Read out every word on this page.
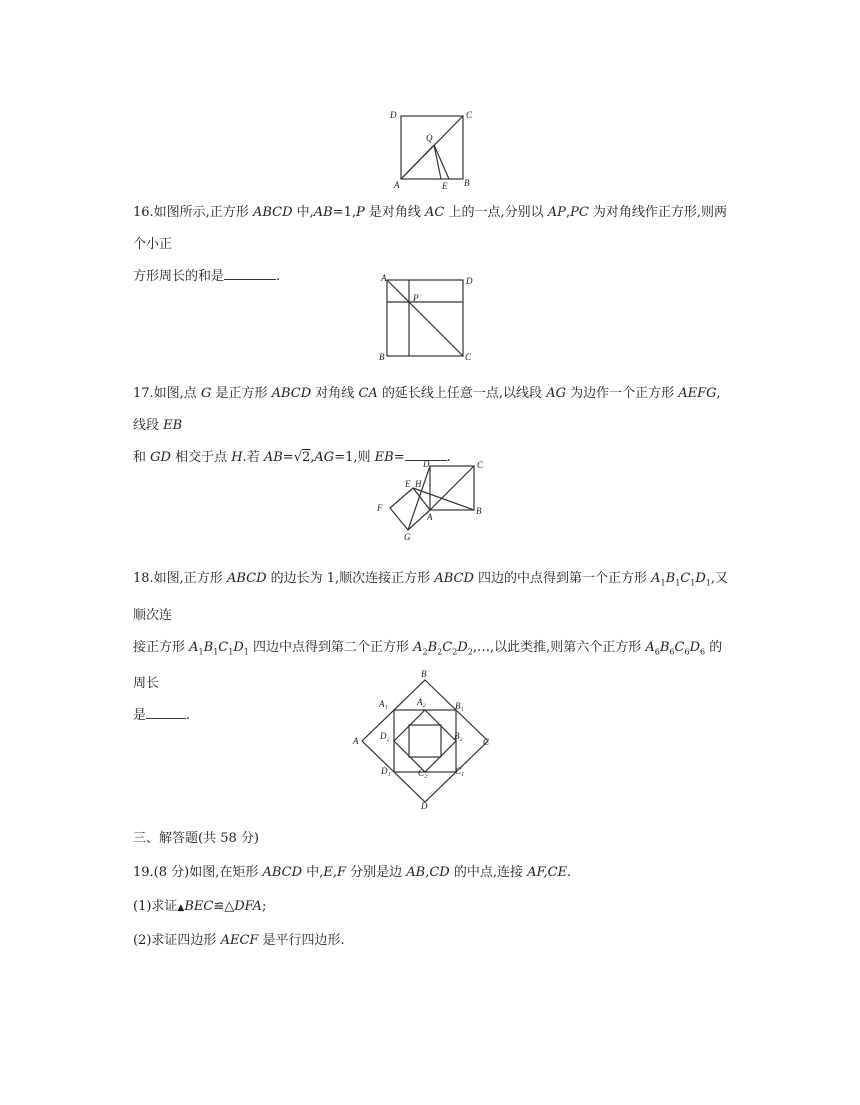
D	C
Q
A	E B

16.如图所示,正方形 ABCD 中,AB=1,P 是对角线 AC 上的一点,分别以 AP,PC 为对角线作正方形,则两个小正
方形周长的和是	.	A	D
P
B	C

17.如图,点 G 是正方形 ABCD 对角线 CA 的延长线上任意一点,以线段 AG 为边作一个正方形 AEFG,线段 EB
和 GD 相交于点 H.若 AB=√2,AG=1,则 EB=	.

D	C
E H
F
A
B
G

18.如图,正方形 ABCD 的边长为 1,顺次连接正方形 ABCD 四边的中点得到第一个正方形 $A_1B_1C_1D_1$,又顺次连
接正方形 $A_1B_1C_1D_1$ 四边中点得到第二个正方形 $A_2B_2C_2D_2,\dots$,以此类推,则第六个正方形 $A_6B_6C_6D_6$ 的周长
是	.

B
A₁	A₂	B₁
A D₂	B₂
C
D₁	C₂	C₁
D

三、解答题(共 58 分)

19.(8 分)如图,在矩形 ABCD 中,E,F 分别是边 AB,CD 的中点,连接 AF,CE.

(1)求证▲BEC≌△DFA;

(2)求证四边形 AECF 是平行四边形.
